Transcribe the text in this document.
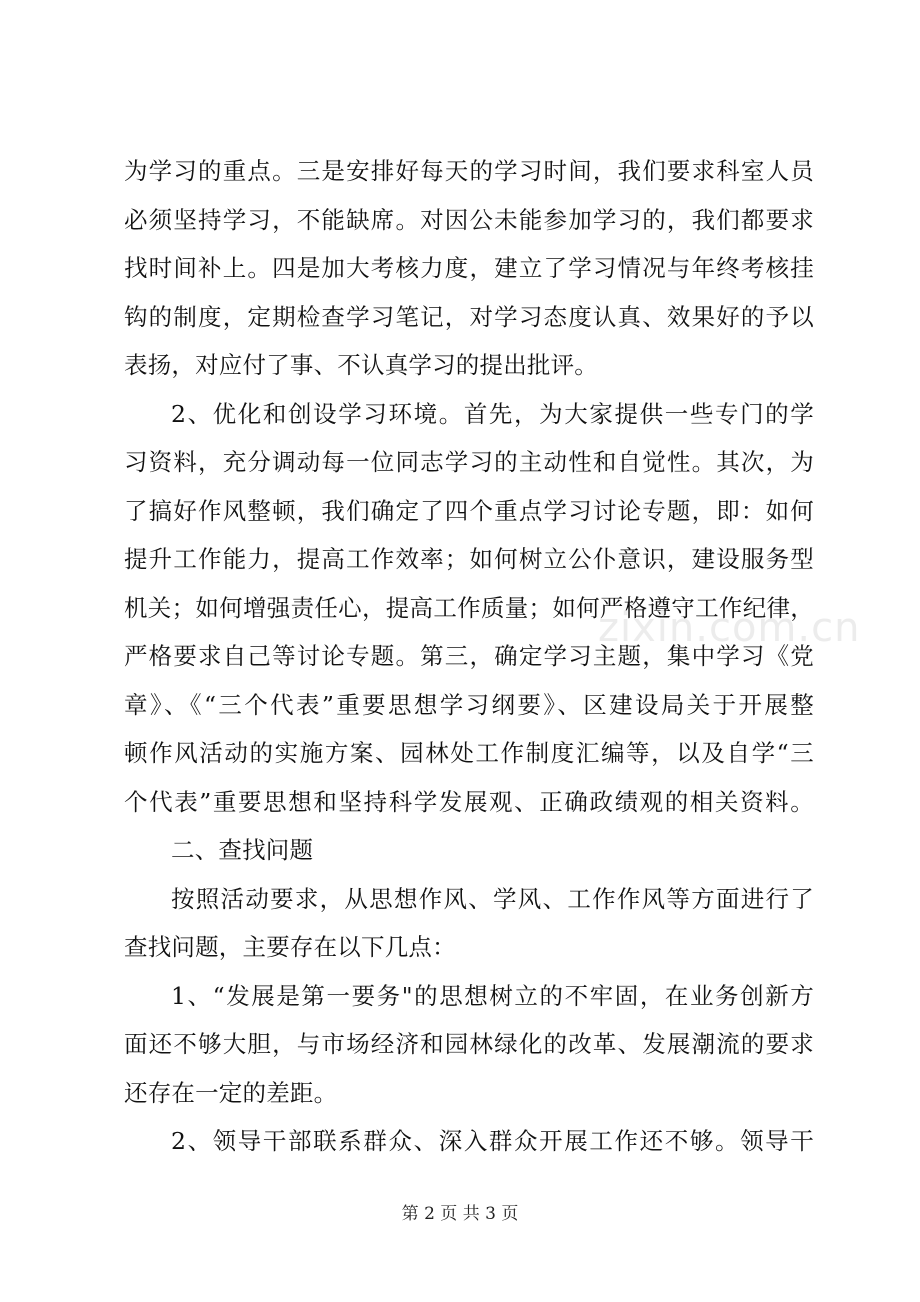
为学习的重点。三是安排好每天的学习时间，我们要求科室人员
必须坚持学习，不能缺席。对因公未能参加学习的，我们都要求
找时间补上。四是加大考核力度，建立了学习情况与年终考核挂
钩的制度，定期检查学习笔记，对学习态度认真、效果好的予以
表扬，对应付了事、不认真学习的提出批评。
2、优化和创设学习环境。首先，为大家提供一些专门的学
习资料，充分调动每一位同志学习的主动性和自觉性。其次，为
了搞好作风整顿，我们确定了四个重点学习讨论专题，即：如何
提升工作能力，提高工作效率；如何树立公仆意识，建设服务型
机关；如何增强责任心，提高工作质量；如何严格遵守工作纪律，
严格要求自己等讨论专题。第三，确定学习主题，集中学习《党
章》、《“三个代表”重要思想学习纲要》、区建设局关于开展整
顿作风活动的实施方案、园林处工作制度汇编等，以及自学“三
个代表”重要思想和坚持科学发展观、正确政绩观的相关资料。
二、查找问题
按照活动要求，从思想作风、学风、工作作风等方面进行了
查找问题，主要存在以下几点：
1、“发展是第一要务"的思想树立的不牢固，在业务创新方
面还不够大胆，与市场经济和园林绿化的改革、发展潮流的要求
还存在一定的差距。
2、领导干部联系群众、深入群众开展工作还不够。领导干
zixin.com.cn
第 2 页 共 3 页
